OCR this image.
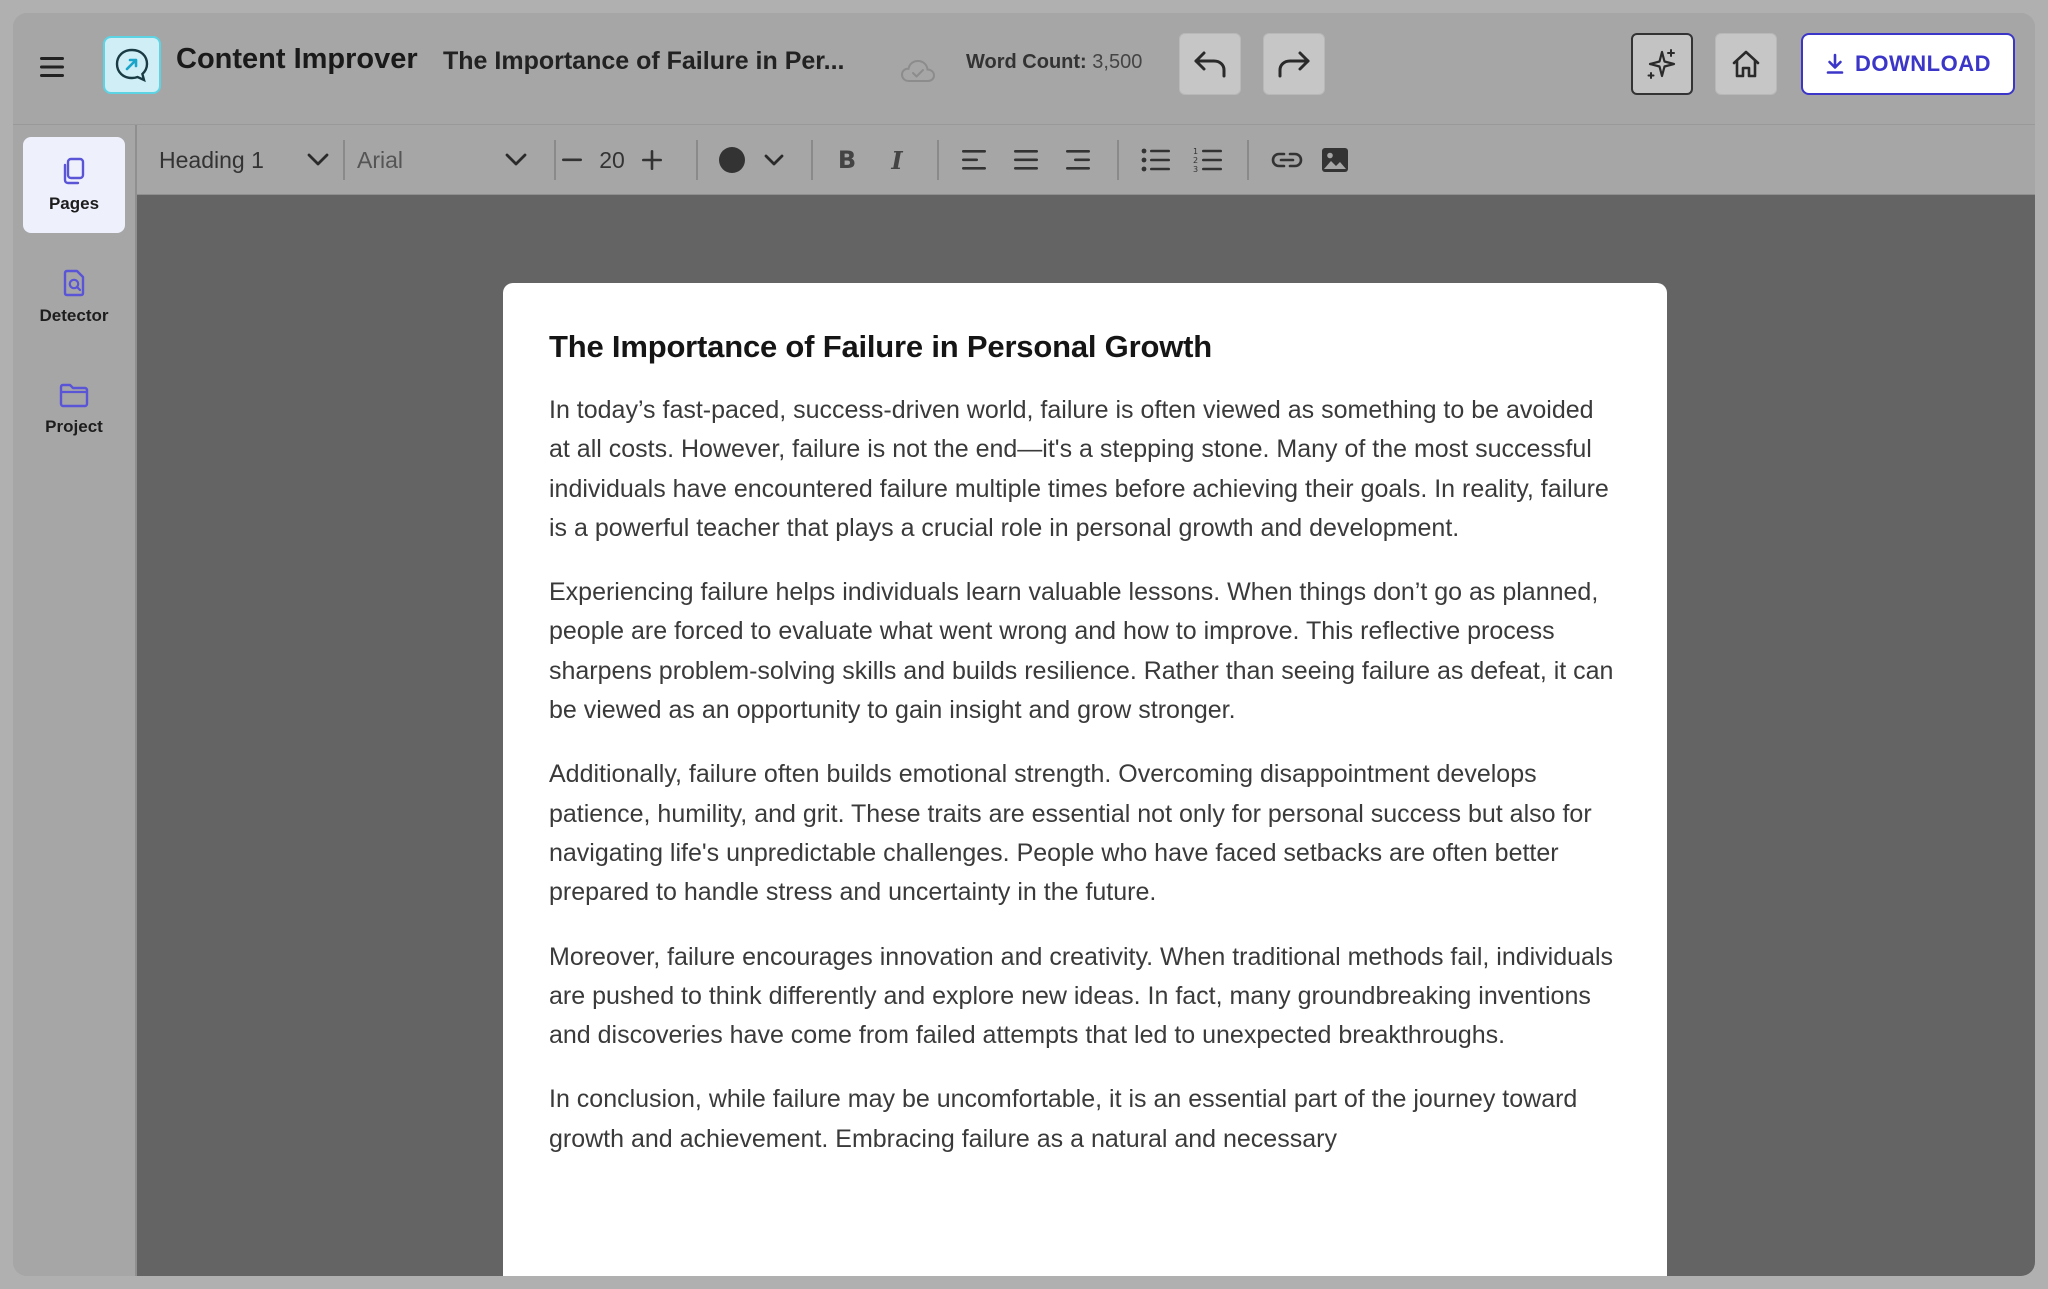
Content Improver The Importance of Failure in Per...	Word Count: 3,500	DOWNLOAD
Pages
Detector
Project
Heading 1	Arial	20	B	I	1
2
3
The Importance of Failure in Personal Growth

In today’s fast-paced, success-driven world, failure is often viewed as something to be avoided at all costs. However, failure is not the end—it's a stepping stone. Many of the most successful individuals have encountered failure multiple times before achieving their goals. In reality, failure is a powerful teacher that plays a crucial role in personal growth and development.

Experiencing failure helps individuals learn valuable lessons. When things don’t go as planned, people are forced to evaluate what went wrong and how to improve. This reflective process sharpens problem-solving skills and builds resilience. Rather than seeing failure as defeat, it can be viewed as an opportunity to gain insight and grow stronger.

Additionally, failure often builds emotional strength. Overcoming disappointment develops patience, humility, and grit. These traits are essential not only for personal success but also for navigating life's unpredictable challenges. People who have faced setbacks are often better prepared to handle stress and uncertainty in the future.

Moreover, failure encourages innovation and creativity. When traditional methods fail, individuals are pushed to think differently and explore new ideas. In fact, many groundbreaking inventions and discoveries have come from failed attempts that led to unexpected breakthroughs.

In conclusion, while failure may be uncomfortable, it is an essential part of the journey toward growth and achievement. Embracing failure as a natural and necessary
